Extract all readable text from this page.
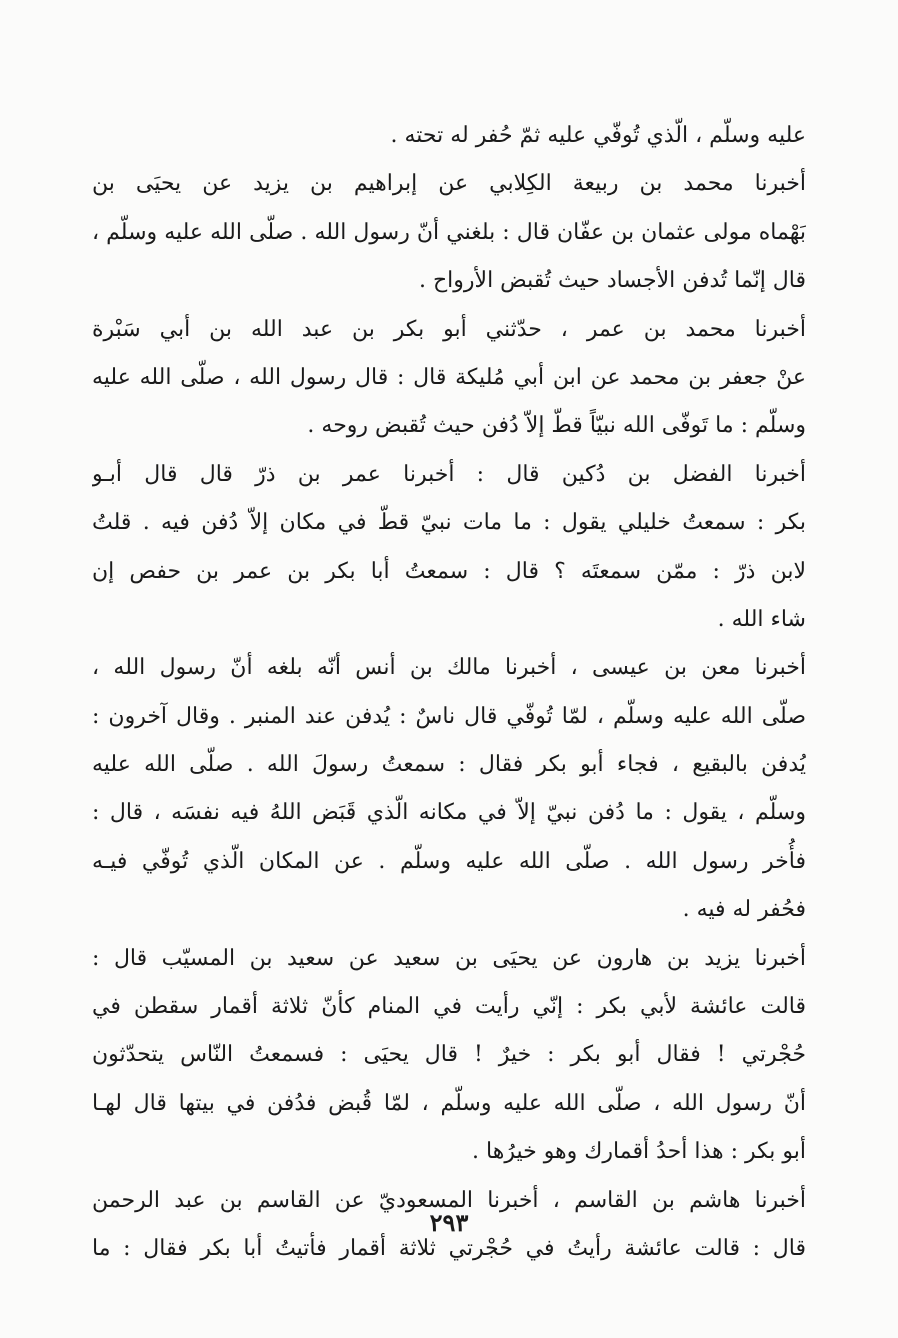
عليه وسلّم ، الّذي تُوفّي عليه ثمّ حُفر له تحته .
أخبرنا محمد بن ربيعة الكِلابي عن إبراهيم بن يزيد عن يحيَى بن
بَهْماه مولى عثمان بن عفّان قال : بلغني أنّ رسول الله . صلّى الله عليه وسلّم ،
قال إنّما تُدفن الأجساد حيث تُقبض الأرواح .
أخبرنا محمد بن عمر ، حدّثني أبو بكر بن عبد الله بن أبي سَبْرة
عنْ جعفر بن محمد عن ابن أبي مُليكة قال : قال رسول الله ، صلّى الله عليه
وسلّم : ما تَوفّى الله نبيّاً قطّ إلاّ دُفن حيث تُقبض روحه .
أخبرنا الفضل بن دُكين قال : أخبرنا عمر بن ذرّ قال قال أبـو
بكر : سمعتُ خليلي يقول : ما مات نبيّ قطّ في مكان إلاّ دُفن فيه . قلتُ
لابن ذرّ : ممّن سمعتَه ؟ قال : سمعتُ أبا بكر بن عمر بن حفص إن
شاء الله .
أخبرنا معن بن عيسى ، أخبرنا مالك بن أنس أنّه بلغه أنّ رسول الله ،
صلّى الله عليه وسلّم ، لمّا تُوفّي قال ناسٌ : يُدفن عند المنبر . وقال آخرون :
يُدفن بالبقيع ، فجاء أبو بكر فقال : سمعتُ رسولَ الله . صلّى الله عليه
وسلّم ، يقول : ما دُفن نبيّ إلاّ في مكانه الّذي قَبَض اللهُ فيه نفسَه ، قال :
فأُخر رسول الله . صلّى الله عليه وسلّم . عن المكان الّذي تُوفّي فيـه
فحُفر له فيه .
أخبرنا يزيد بن هارون عن يحيَى بن سعيد عن سعيد بن المسيّب قال :
قالت عائشة لأبي بكر : إنّي رأيت في المنام كأنّ ثلاثة أقمار سقطن في
حُجْرتي ! فقال أبو بكر : خيرٌ ! قال يحيَى : فسمعتُ النّاس يتحدّثون
أنّ رسول الله ، صلّى الله عليه وسلّم ، لمّا قُبض فدُفن في بيتها قال لهـا
أبو بكر : هذا أحدُ أقمارك وهو خيرُها .
أخبرنا هاشم بن القاسم ، أخبرنا المسعوديّ عن القاسم بن عبد الرحمن
قال : قالت عائشة رأيتُ في حُجْرتي ثلاثة أقمار فأتيتُ أبا بكر فقال : ما
٢٩٣
